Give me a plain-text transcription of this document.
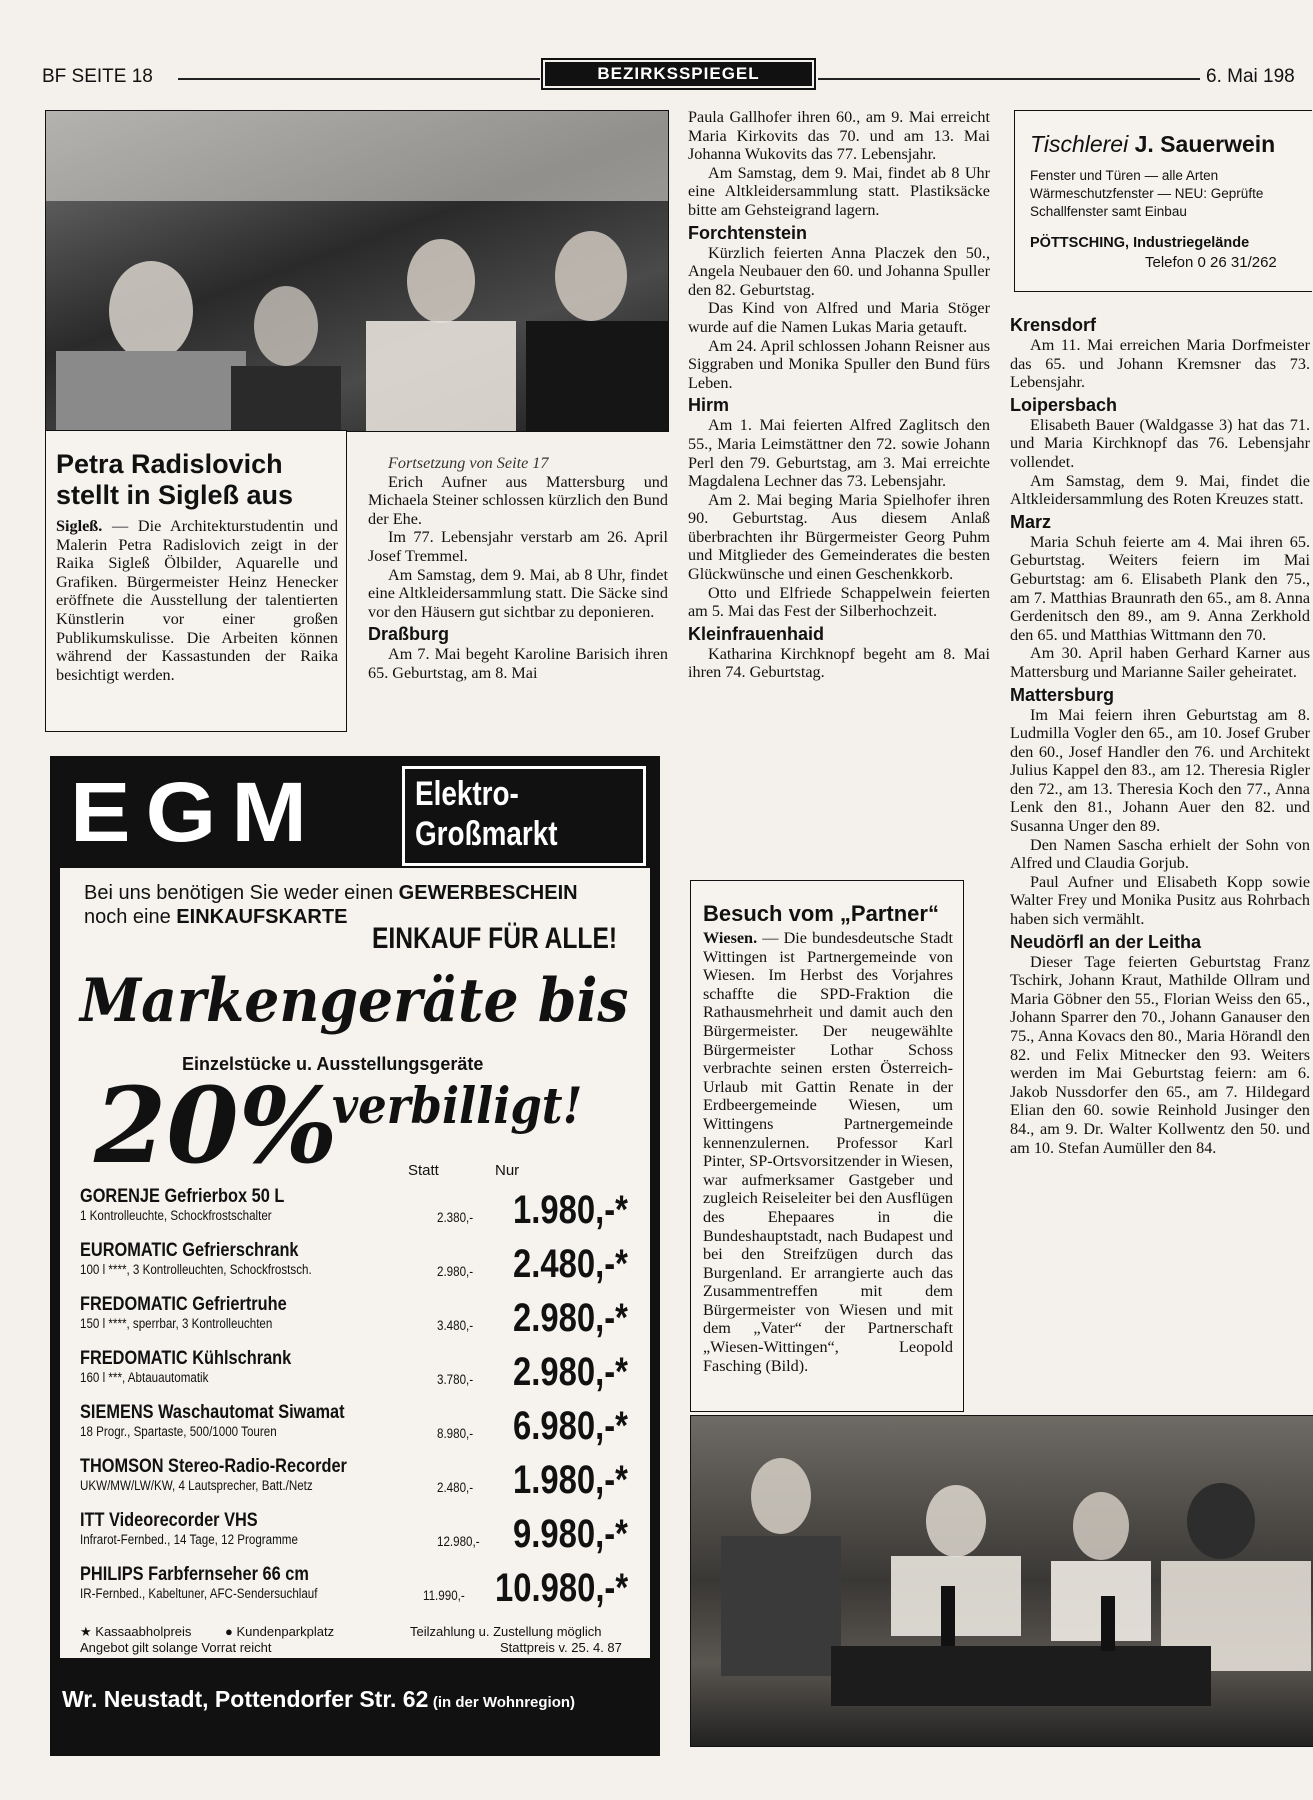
BF SEITE 18	BEZIRKSSPIEGEL	6. Mai 198
Petra Radislovich stellt in Sigleß aus
Sigleß. — Die Architekturstudentin und Malerin Petra Radislovich zeigt in der Raika Sigleß Ölbilder, Aquarelle und Grafiken. Bürgermeister Heinz Henecker eröffnete die Ausstellung der talentierten Künstlerin vor einer großen Publikumskulisse. Die Arbeiten können während der Kassastunden der Raika besichtigt werden.

Fortsetzung von Seite 17

Erich Aufner aus Mattersburg und Michaela Steiner schlossen kürzlich den Bund der Ehe.

Im 77. Lebensjahr verstarb am 26. April Josef Tremmel.

Am Samstag, dem 9. Mai, ab 8 Uhr, findet eine Altkleidersammlung statt. Die Säcke sind vor den Häusern gut sichtbar zu deponieren.

Draßburg

Am 7. Mai begeht Karoline Barisich ihren 65. Geburtstag, am 8. Mai

Paula Gallhofer ihren 60., am 9. Mai erreicht Maria Kirkovits das 70. und am 13. Mai Johanna Wukovits das 77. Lebensjahr.

Am Samstag, dem 9. Mai, findet ab 8 Uhr eine Altkleidersammlung statt. Plastiksäcke bitte am Gehsteigrand lagern.

Forchtenstein

Kürzlich feierten Anna Placzek den 50., Angela Neubauer den 60. und Johanna Spuller den 82. Geburtstag.

Das Kind von Alfred und Maria Stöger wurde auf die Namen Lukas Maria getauft.

Am 24. April schlossen Johann Reisner aus Siggraben und Monika Spuller den Bund fürs Leben.

Hirm

Am 1. Mai feierten Alfred Zaglitsch den 55., Maria Leimstättner den 72. sowie Johann Perl den 79. Geburtstag, am 3. Mai erreichte Magdalena Lechner das 73. Lebensjahr.

Am 2. Mai beging Maria Spielhofer ihren 90. Geburtstag. Aus diesem Anlaß überbrachten ihr Bürgermeister Georg Puhm und Mitglieder des Gemeinderates die besten Glückwünsche und einen Geschenkkorb.

Otto und Elfriede Schappelwein feierten am 5. Mai das Fest der Silberhochzeit.

Kleinfrauenhaid

Katharina Kirchknopf begeht am 8. Mai ihren 74. Geburtstag.

Tischlerei J. Sauerwein
Fenster und Türen — alle Arten Wärmeschutzfenster — NEU: Geprüfte Schallfenster samt Einbau
PÖTTSCHING, Industriegelände
Telefon 0 26 31/262

Krensdorf

Am 11. Mai erreichen Maria Dorfmeister das 65. und Johann Kremsner das 73. Lebensjahr.

Loipersbach

Elisabeth Bauer (Waldgasse 3) hat das 71. und Maria Kirchknopf das 76. Lebensjahr vollendet.

Am Samstag, dem 9. Mai, findet die Altkleidersammlung des Roten Kreuzes statt.

Marz

Maria Schuh feierte am 4. Mai ihren 65. Geburtstag. Weiters feiern im Mai Geburtstag: am 6. Elisabeth Plank den 75., am 7. Matthias Braunrath den 65., am 8. Anna Gerdenitsch den 89., am 9. Anna Zerkhold den 65. und Matthias Wittmann den 70.

Am 30. April haben Gerhard Karner aus Mattersburg und Marianne Sailer geheiratet.

Mattersburg

Im Mai feiern ihren Geburtstag am 8. Ludmilla Vogler den 65., am 10. Josef Gruber den 60., Josef Handler den 76. und Architekt Julius Kappel den 83., am 12. Theresia Rigler den 72., am 13. Theresia Koch den 77., Anna Lenk den 81., Johann Auer den 82. und Susanna Unger den 89.

Den Namen Sascha erhielt der Sohn von Alfred und Claudia Gorjub.

Paul Aufner und Elisabeth Kopp sowie Walter Frey und Monika Pusitz aus Rohrbach haben sich vermählt.

Neudörfl an der Leitha

Dieser Tage feierten Geburtstag Franz Tschirk, Johann Kraut, Mathilde Ollram und Maria Göbner den 55., Florian Weiss den 65., Johann Sparrer den 70., Johann Ganauser den 75., Anna Kovacs den 80., Maria Hörandl den 82. und Felix Mitnecker den 93. Weiters werden im Mai Geburtstag feiern: am 6. Jakob Nussdorfer den 65., am 7. Hildegard Elian den 60. sowie Reinhold Jusinger den 84., am 9. Dr. Walter Kollwentz den 50. und am 10. Stefan Aumüller den 84.

Besuch vom „Partner“
Wiesen. — Die bundesdeutsche Stadt Wittingen ist Partnergemeinde von Wiesen. Im Herbst des Vorjahres schaffte die SPD-Fraktion die Rathausmehrheit und damit auch den Bürgermeister. Der neugewählte Bürgermeister Lothar Schoss verbrachte seinen ersten Österreich-Urlaub mit Gattin Renate in der Erdbeergemeinde Wiesen, um Wittingens Partnergemeinde kennenzulernen. Professor Karl Pinter, SP-Ortsvorsitzender in Wiesen, war aufmerksamer Gastgeber und zugleich Reiseleiter bei den Ausflügen des Ehepaares in die Bundeshauptstadt, nach Budapest und bei den Streifzügen durch das Burgenland. Er arrangierte auch das Zusammentreffen mit dem Bürgermeister von Wiesen und mit dem „Vater“ der Partnerschaft „Wiesen-Wittingen“, Leopold Fasching (Bild).
EGM	Elektro-
Großmarkt
Bei uns benötigen Sie weder einen GEWERBESCHEIN
noch eine EINKAUFSKARTE
EINKAUF FÜR ALLE!
Markengeräte bis
Einzelstücke u. Ausstellungsgeräte
20%
verbilligt!
Statt	Nur
GORENJE Gefrierbox 50 L
1 Kontrolleuchte, Schockfrostschalter	2.380,- 1.980,-*
EUROMATIC Gefrierschrank
100 l ****, 3 Kontrolleuchten, Schockfrostsch.	2.980,- 2.480,-*
FREDOMATIC Gefriertruhe
150 l ****, sperrbar, 3 Kontrolleuchten	3.480,- 2.980,-*
FREDOMATIC Kühlschrank
160 l ***, Abtauautomatik	3.780,- 2.980,-*
SIEMENS Waschautomat Siwamat
18 Progr., Spartaste, 500/1000 Touren	8.980,- 6.980,-*
THOMSON Stereo-Radio-Recorder
UKW/MW/LW/KW, 4 Lautsprecher, Batt./Netz	2.480,- 1.980,-*
ITT Videorecorder VHS
Infrarot-Fernbed., 14 Tage, 12 Programme	12.980,- 9.980,-*
PHILIPS Farbfernseher 66 cm
IR-Fernbed., Kabeltuner, AFC-Sendersuchlauf	11.990,- 10.980,-*
★ Kassaabholpreis	● Kundenparkplatz	Teilzahlung u. Zustellung möglich
Angebot gilt solange Vorrat reicht	Stattpreis v. 25. 4. 87
Wr. Neustadt, Pottendorfer Str. 62 (in der Wohnregion)
